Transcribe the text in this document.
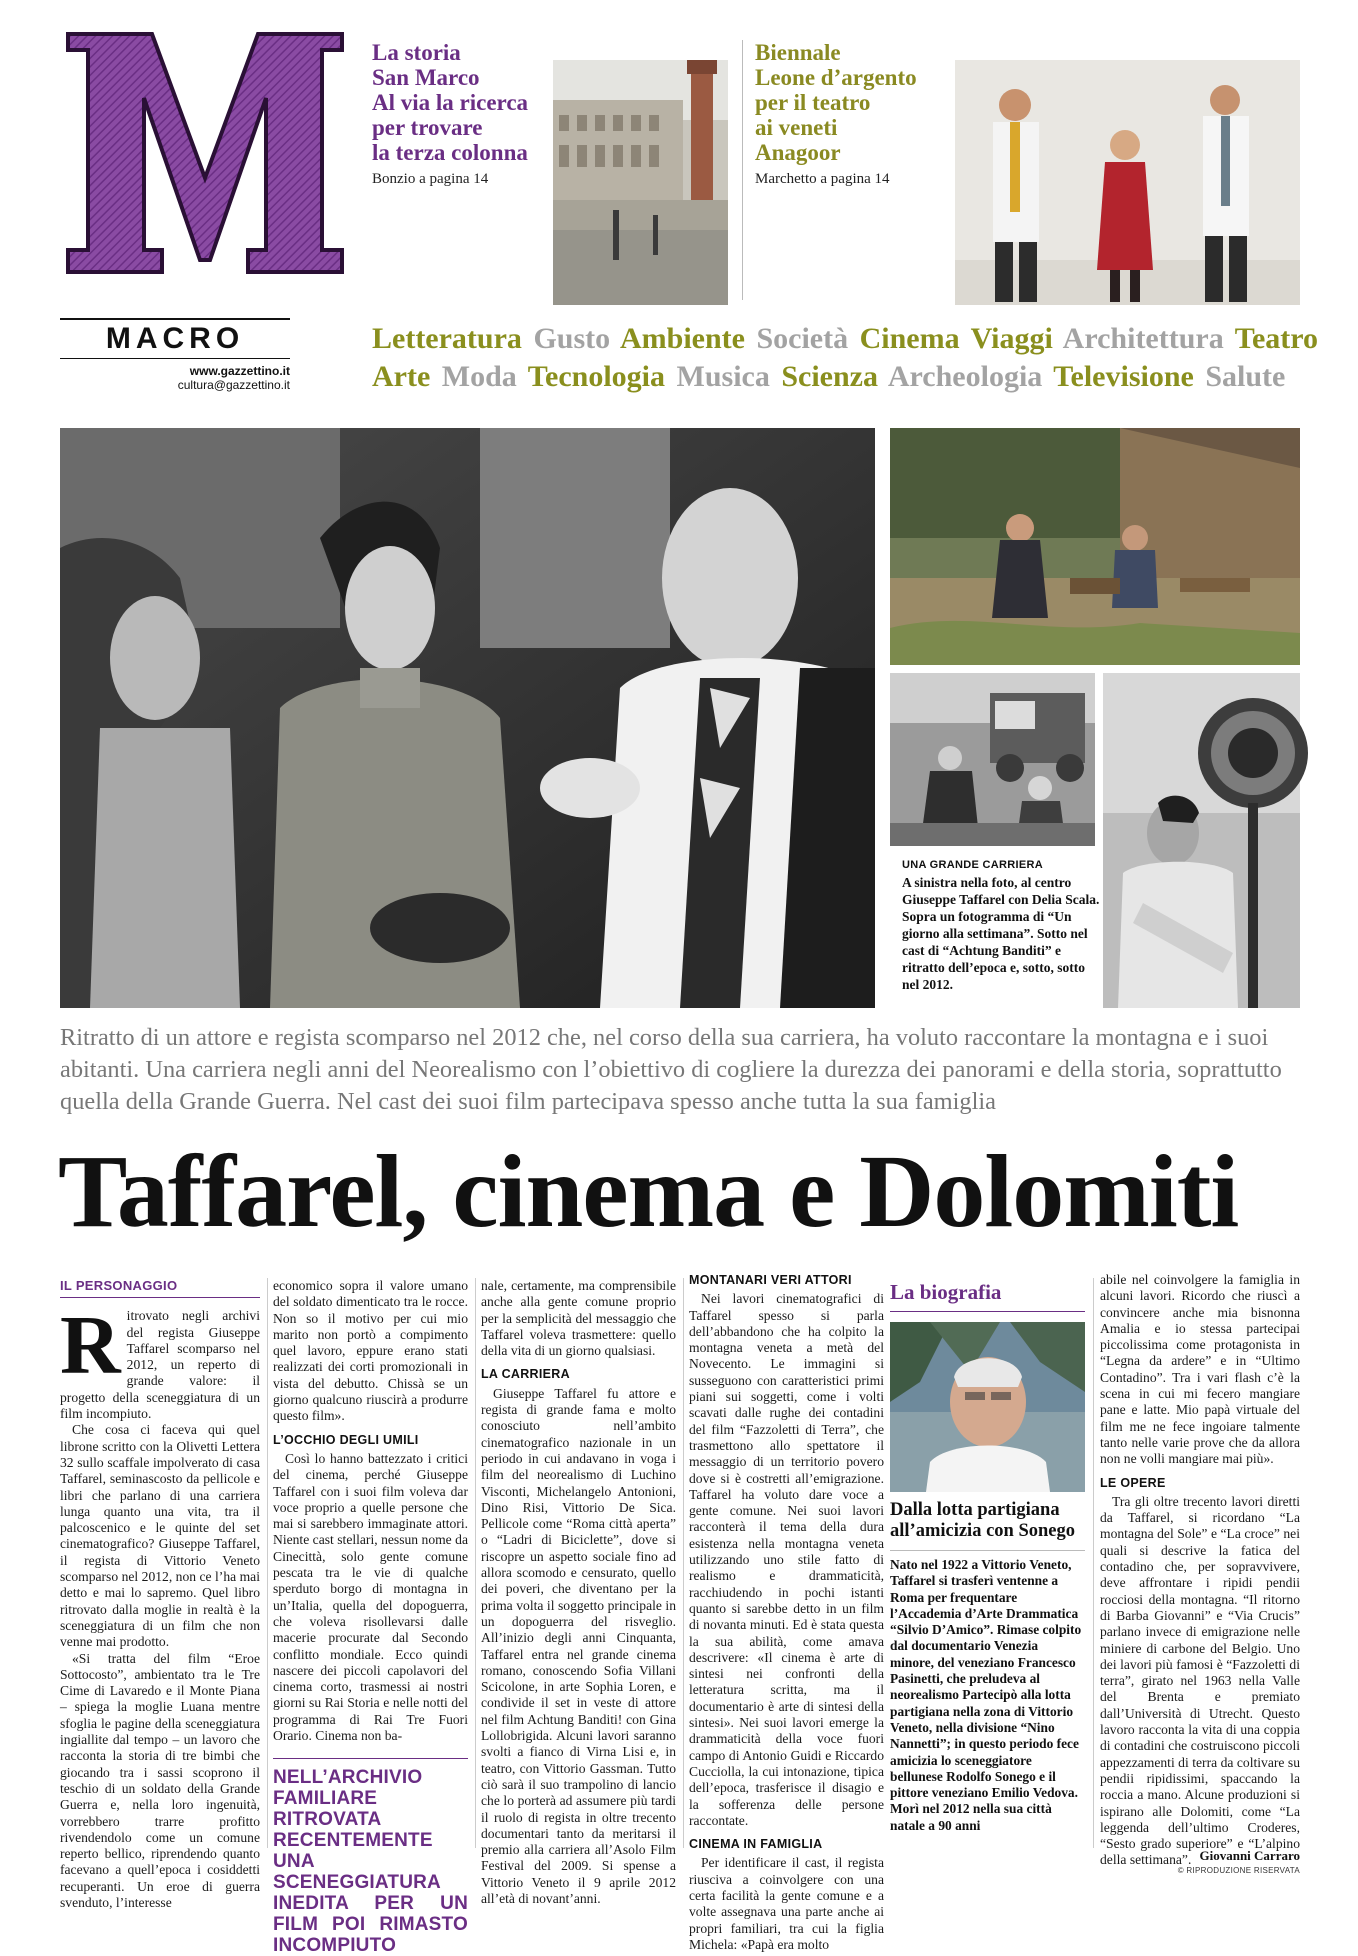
La storia
San Marco
Al via la ricerca
per trovare
la terza colonna
Bonzio a pagina 14
Biennale
Leone d’argento
per il teatro
ai veneti
Anagoor
Marchetto a pagina 14
MACRO
www.gazzettino.it
cultura@gazzettino.it
Letteratura Gusto Ambiente Società Cinema Viaggi Architettura Teatro
Arte Moda Tecnologia Musica Scienza Archeologia Televisione Salute
UNA GRANDE CARRIERA
A sinistra nella foto, al centro Giuseppe Taffarel con Delia Scala. Sopra un fotogramma di “Un giorno alla settimana”. Sotto nel cast di “Achtung Banditi” e ritratto dell’epoca e, sotto, sotto nel 2012.
Ritratto di un attore e regista scomparso nel 2012 che, nel corso della sua carriera, ha voluto raccontare la montagna e i suoi abitanti. Una carriera negli anni del Neorealismo con l’obiettivo di cogliere la durezza dei panorami e della storia, soprattutto quella della Grande Guerra. Nel cast dei suoi film partecipava spesso anche tutta la sua famiglia
Taffarel, cinema e Dolomiti
IL PERSONAGGIO

Ritrovato negli archivi del regista Giuseppe Taffarel scomparso nel 2012, un reperto di grande valore: il progetto della sceneggiatura di un film incompiuto.

Che cosa ci faceva qui quel librone scritto con la Olivetti Lettera 32 sullo scaffale impolverato di casa Taffarel, seminascosto da pellicole e libri che parlano di una carriera lunga quanto una vita, tra il palcoscenico e le quinte del set cinematografico? Giuseppe Taffarel, il regista di Vittorio Veneto scomparso nel 2012, non ce l’ha mai detto e mai lo sapremo. Quel libro ritrovato dalla moglie in realtà è la sceneggiatura di un film che non venne mai prodotto.

«Si tratta del film “Eroe Sottocosto”, ambientato tra le Tre Cime di Lavaredo e il Monte Piana – spiega la moglie Luana mentre sfoglia le pagine della sceneggiatura ingiallite dal tempo – un lavoro che racconta la storia di tre bimbi che giocando tra i sassi scoprono il teschio di un soldato della Grande Guerra e, nella loro ingenuità, vorrebbero trarre profitto rivendendolo come un comune reperto bellico, riprendendo quanto facevano a quell’epoca i cosiddetti recuperanti. Un eroe di guerra svenduto, l’interesse

economico sopra il valore umano del soldato dimenticato tra le rocce. Non so il motivo per cui mio marito non portò a compimento quel lavoro, eppure erano stati realizzati dei corti promozionali in vista del debutto. Chissà se un giorno qualcuno riuscirà a produrre questo film».

L’OCCHIO DEGLI UMILI

Così lo hanno battezzato i critici del cinema, perché Giuseppe Taffarel con i suoi film voleva dar voce proprio a quelle persone che mai si sarebbero immaginate attori. Niente cast stellari, nessun nome da Cinecittà, solo gente comune pescata tra le vie di qualche sperduto borgo di montagna in un’Italia, quella del dopoguerra, che voleva risollevarsi dalle macerie procurate dal Secondo conflitto mondiale. Ecco quindi nascere dei piccoli capolavori del cinema corto, trasmessi ai nostri giorni su Rai Storia e nelle notti del programma di Rai Tre Fuori Orario. Cinema non ba-

NELL’ARCHIVIO FAMILIARE RITROVATA RECENTEMENTE UNA SCENEGGIATURA INEDITA PER UN FILM POI RIMASTO INCOMPIUTO

nale, certamente, ma comprensibile anche alla gente comune proprio per la semplicità del messaggio che Taffarel voleva trasmettere: quello della vita di un giorno qualsiasi.

LA CARRIERA

Giuseppe Taffarel fu attore e regista di grande fama e molto conosciuto nell’ambito cinematografico nazionale in un periodo in cui andavano in voga i film del neorealismo di Luchino Visconti, Michelangelo Antonioni, Dino Risi, Vittorio De Sica. Pellicole come “Roma città aperta” o “Ladri di Biciclette”, dove si riscopre un aspetto sociale fino ad allora scomodo e censurato, quello dei poveri, che diventano per la prima volta il soggetto principale in un dopoguerra del risveglio. All’inizio degli anni Cinquanta, Taffarel entra nel grande cinema romano, conoscendo Sofia Villani Scicolone, in arte Sophia Loren, e condivide il set in veste di attore nel film Achtung Banditi! con Gina Lollobrigida. Alcuni lavori saranno svolti a fianco di Virna Lisi e, in teatro, con Vittorio Gassman. Tutto ciò sarà il suo trampolino di lancio che lo porterà ad assumere più tardi il ruolo di regista in oltre trecento documentari tanto da meritarsi il premio alla carriera all’Asolo Film Festival del 2009. Si spense a Vittorio Veneto il 9 aprile 2012 all’età di novant’anni.

MONTANARI VERI ATTORI

Nei lavori cinematografici di Taffarel spesso si parla dell’abbandono che ha colpito la montagna veneta a metà del Novecento. Le immagini si susseguono con caratteristici primi piani sui soggetti, come i volti scavati dalle rughe dei contadini del film “Fazzoletti di Terra”, che trasmettono allo spettatore il messaggio di un territorio povero dove si è costretti all’emigrazione. Taffarel ha voluto dare voce a gente comune. Nei suoi lavori racconterà il tema della dura esistenza nella montagna veneta utilizzando uno stile fatto di realismo e drammaticità, racchiudendo in pochi istanti quanto si sarebbe detto in un film di novanta minuti. Ed è stata questa la sua abilità, come amava descrivere: «Il cinema è arte di sintesi nei confronti della letteratura scritta, ma il documentario è arte di sintesi della sintesi». Nei suoi lavori emerge la drammaticità della voce fuori campo di Antonio Guidi e Riccardo Cucciolla, la cui intonazione, tipica dell’epoca, trasferisce il disagio e la sofferenza delle persone raccontate.

CINEMA IN FAMIGLIA

Per identificare il cast, il regista riusciva a coinvolgere con una certa facilità la gente comune e a volte assegnava una parte anche ai propri familiari, tra cui la figlia Michela: «Papà era molto

La biografia
Dalla lotta partigiana all’amicizia con Sonego
Nato nel 1922 a Vittorio Veneto, Taffarel si trasferì ventenne a Roma per frequentare l’Accademia d’Arte Drammatica “Silvio D’Amico”. Rimase colpito dal documentario Venezia minore, del veneziano Francesco Pasinetti, che preludeva al neorealismo Partecipò alla lotta partigiana nella zona di Vittorio Veneto, nella divisione “Nino Nannetti”; in questo periodo fece amicizia lo sceneggiatore bellunese Rodolfo Sonego e il pittore veneziano Emilio Vedova. Morì nel 2012 nella sua città natale a 90 anni

abile nel coinvolgere la famiglia in alcuni lavori. Ricordo che riuscì a convincere anche mia bisnonna Amalia e io stessa partecipai piccolissima come protagonista in “Legna da ardere” e in “Ultimo Contadino”. Tra i vari flash c’è la scena in cui mi fecero mangiare pane e latte. Mio papà virtuale del film me ne fece ingoiare talmente tanto nelle varie prove che da allora non ne volli mangiare mai più».

LE OPERE

Tra gli oltre trecento lavori diretti da Taffarel, si ricordano “La montagna del Sole” e “La croce” nei quali si descrive la fatica del contadino che, per sopravvivere, deve affrontare i ripidi pendii rocciosi della montagna. “Il ritorno di Barba Giovanni” e “Via Crucis” parlano invece di emigrazione nelle miniere di carbone del Belgio. Uno dei lavori più famosi è “Fazzoletti di terra”, girato nel 1963 nella Valle del Brenta e premiato dall’Università di Utrecht. Questo lavoro racconta la vita di una coppia di contadini che costruiscono piccoli appezzamenti di terra da coltivare su pendii ripidissimi, spaccando la roccia a mano. Alcune produzioni si ispirano alle Dolomiti, come “La leggenda dell’ultimo Croderes, “Sesto grado superiore” e “L’alpino della settimana”. Giovanni Carraro
© RIPRODUZIONE RISERVATA
